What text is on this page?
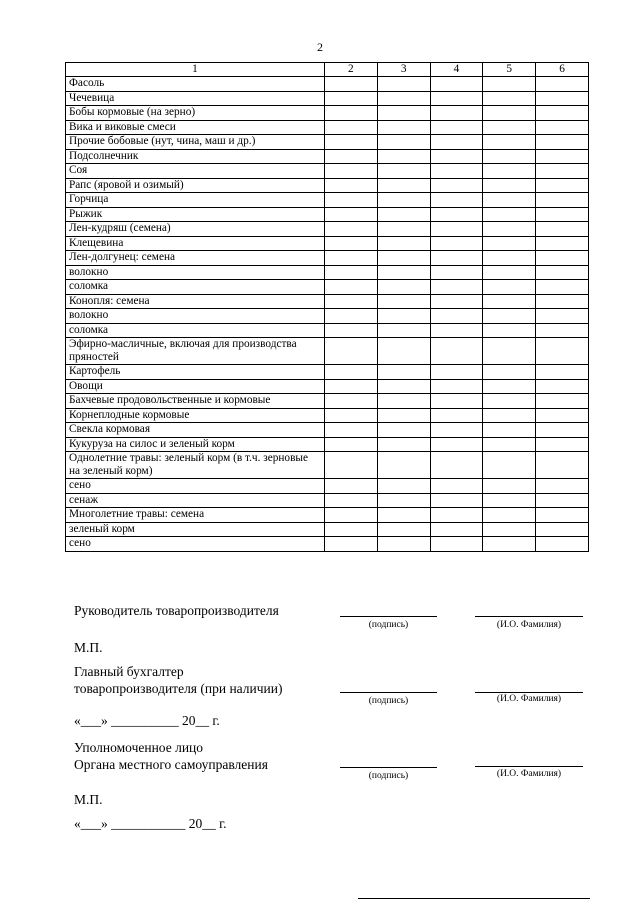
2
1	2	3	4	5	6
Фасоль					
Чечевица					
Бобы кормовые (на зерно)					
Вика и виковые смеси					
Прочие бобовые (нут, чина, маш и др.)					
Подсолнечник					
Соя					
Рапс (яровой и озимый)					
Горчица					
Рыжик					
Лен-кудряш (семена)					
Клещевина					
Лен-долгунец: семена					
волокно					
соломка					
Конопля: семена					
волокно					
соломка					
Эфирно-масличные, включая для производства пряностей					
Картофель					
Овощи					
Бахчевые продовольственные и кормовые					
Корнеплодные кормовые					
Свекла кормовая					
Кукуруза на силос и зеленый корм					
Однолетние травы: зеленый корм (в т.ч. зерновые на зеленый корм)					
сено					
сенаж					
Многолетние травы: семена					
зеленый корм					
сено					
Руководитель товаропроизводителя
(подпись)	(И.О. Фамилия)
М.П.
Главный бухгалтер
товаропроизводителя (при наличии)
(подпись)	(И.О. Фамилия)
«___» __________ 20__ г.
Уполномоченное лицо
Органа местного самоуправления
(подпись)	(И.О. Фамилия)
М.П.
«___» ___________ 20__ г.
